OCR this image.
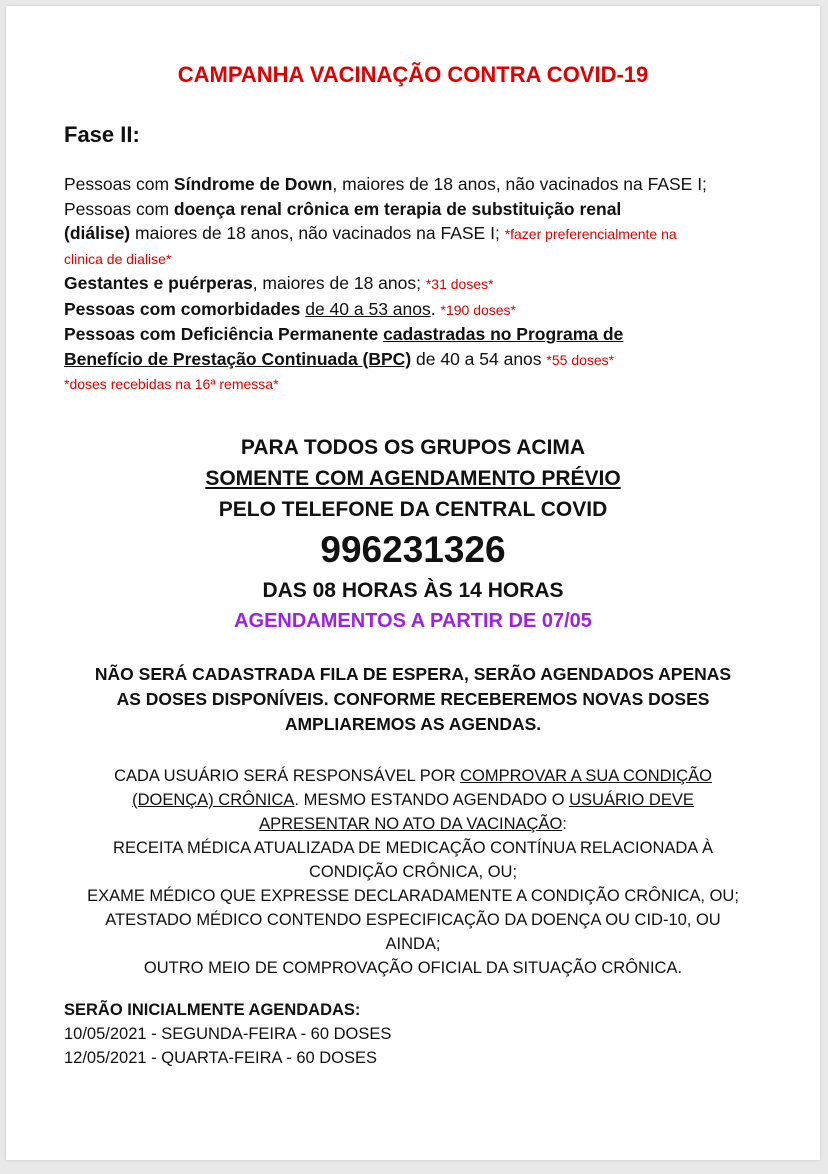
CAMPANHA VACINAÇÃO CONTRA COVID-19
Fase II:
Pessoas com Síndrome de Down, maiores de 18 anos, não vacinados na FASE I;
Pessoas com doença renal crônica em terapia de substituição renal
(diálise) maiores de 18 anos, não vacinados na FASE I; *fazer preferencialmente na
clinica de dialise*
Gestantes e puérperas, maiores de 18 anos; *31 doses*
Pessoas com comorbidades de 40 a 53 anos. *190 doses*
Pessoas com Deficiência Permanente cadastradas no Programa de
Benefício de Prestação Continuada (BPC) de 40 a 54 anos *55 doses*
*doses recebidas na 16ª remessa*
PARA TODOS OS GRUPOS ACIMA
SOMENTE COM AGENDAMENTO PRÉVIO
PELO TELEFONE DA CENTRAL COVID
996231326
DAS 08 HORAS ÀS 14 HORAS
AGENDAMENTOS A PARTIR DE 07/05
NÃO SERÁ CADASTRADA FILA DE ESPERA, SERÃO AGENDADOS APENAS
AS DOSES DISPONÍVEIS. CONFORME RECEBEREMOS NOVAS DOSES
AMPLIAREMOS AS AGENDAS.
CADA USUÁRIO SERÁ RESPONSÁVEL POR COMPROVAR A SUA CONDIÇÃO
(DOENÇA) CRÔNICA. MESMO ESTANDO AGENDADO O USUÁRIO DEVE
APRESENTAR NO ATO DA VACINAÇÃO:
RECEITA MÉDICA ATUALIZADA DE MEDICAÇÃO CONTÍNUA RELACIONADA À
CONDIÇÃO CRÔNICA, OU;
EXAME MÉDICO QUE EXPRESSE DECLARADAMENTE A CONDIÇÃO CRÔNICA, OU;
ATESTADO MÉDICO CONTENDO ESPECIFICAÇÃO DA DOENÇA OU CID-10, OU
AINDA;
OUTRO MEIO DE COMPROVAÇÃO OFICIAL DA SITUAÇÃO CRÔNICA.
SERÃO INICIALMENTE AGENDADAS:
10/05/2021 - SEGUNDA-FEIRA - 60 DOSES
12/05/2021 - QUARTA-FEIRA - 60 DOSES
